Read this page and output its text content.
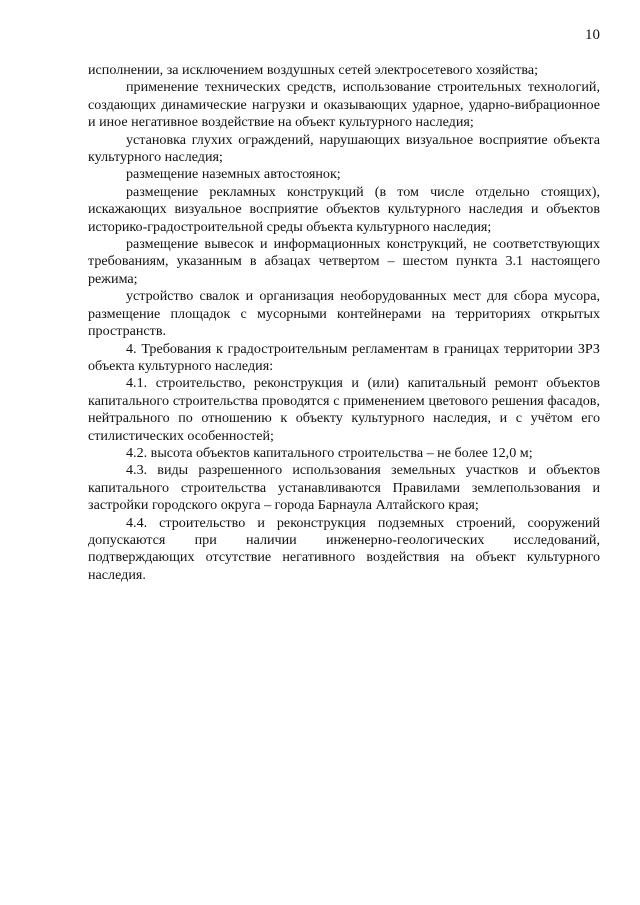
10

исполнении, за исключением воздушных сетей электросетевого хозяйства;

применение технических средств, использование строительных технологий, создающих динамические нагрузки и оказывающих ударное, ударно-вибрационное и иное негативное воздействие на объект культурного наследия;

установка глухих ограждений, нарушающих визуальное восприятие объекта культурного наследия;

размещение наземных автостоянок;

размещение рекламных конструкций (в том числе отдельно стоящих), искажающих визуальное восприятие объектов культурного наследия и объектов историко-градостроительной среды объекта культурного наследия;

размещение вывесок и информационных конструкций, не соответствующих требованиям, указанным в абзацах четвертом – шестом пункта 3.1 настоящего режима;

устройство свалок и организация необорудованных мест для сбора мусора, размещение площадок с мусорными контейнерами на территориях открытых пространств.

4. Требования к градостроительным регламентам в границах территории ЗРЗ объекта культурного наследия:

4.1. строительство, реконструкция и (или) капитальный ремонт объектов капитального строительства проводятся с применением цветового решения фасадов, нейтрального по отношению к объекту культурного наследия, и с учётом его стилистических особенностей;

4.2. высота объектов капитального строительства – не более 12,0 м;

4.3. виды разрешенного использования земельных участков и объектов капитального строительства устанавливаются Правилами землепользования и застройки городского округа – города Барнаула Алтайского края;

4.4. строительство и реконструкция подземных строений, сооружений допускаются при наличии инженерно-геологических исследований, подтверждающих отсутствие негативного воздействия на объект культурного наследия.
